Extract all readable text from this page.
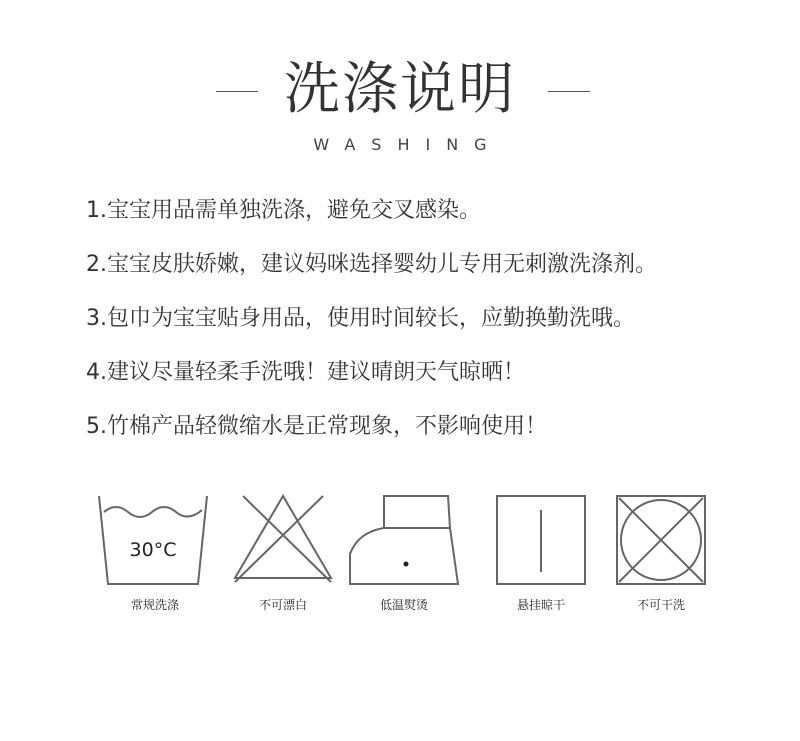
洗涤说明
WASHING
1.宝宝用品需单独洗涤，避免交叉感染。
2.宝宝皮肤娇嫩，建议妈咪选择婴幼儿专用无刺激洗涤剂。
3.包巾为宝宝贴身用品，使用时间较长，应勤换勤洗哦。
4.建议尽量轻柔手洗哦！建议晴朗天气晾晒！
5.竹棉产品轻微缩水是正常现象，不影响使用！
30°C
常规洗涤	不可漂白	低温熨烫	悬挂晾干	不可干洗
